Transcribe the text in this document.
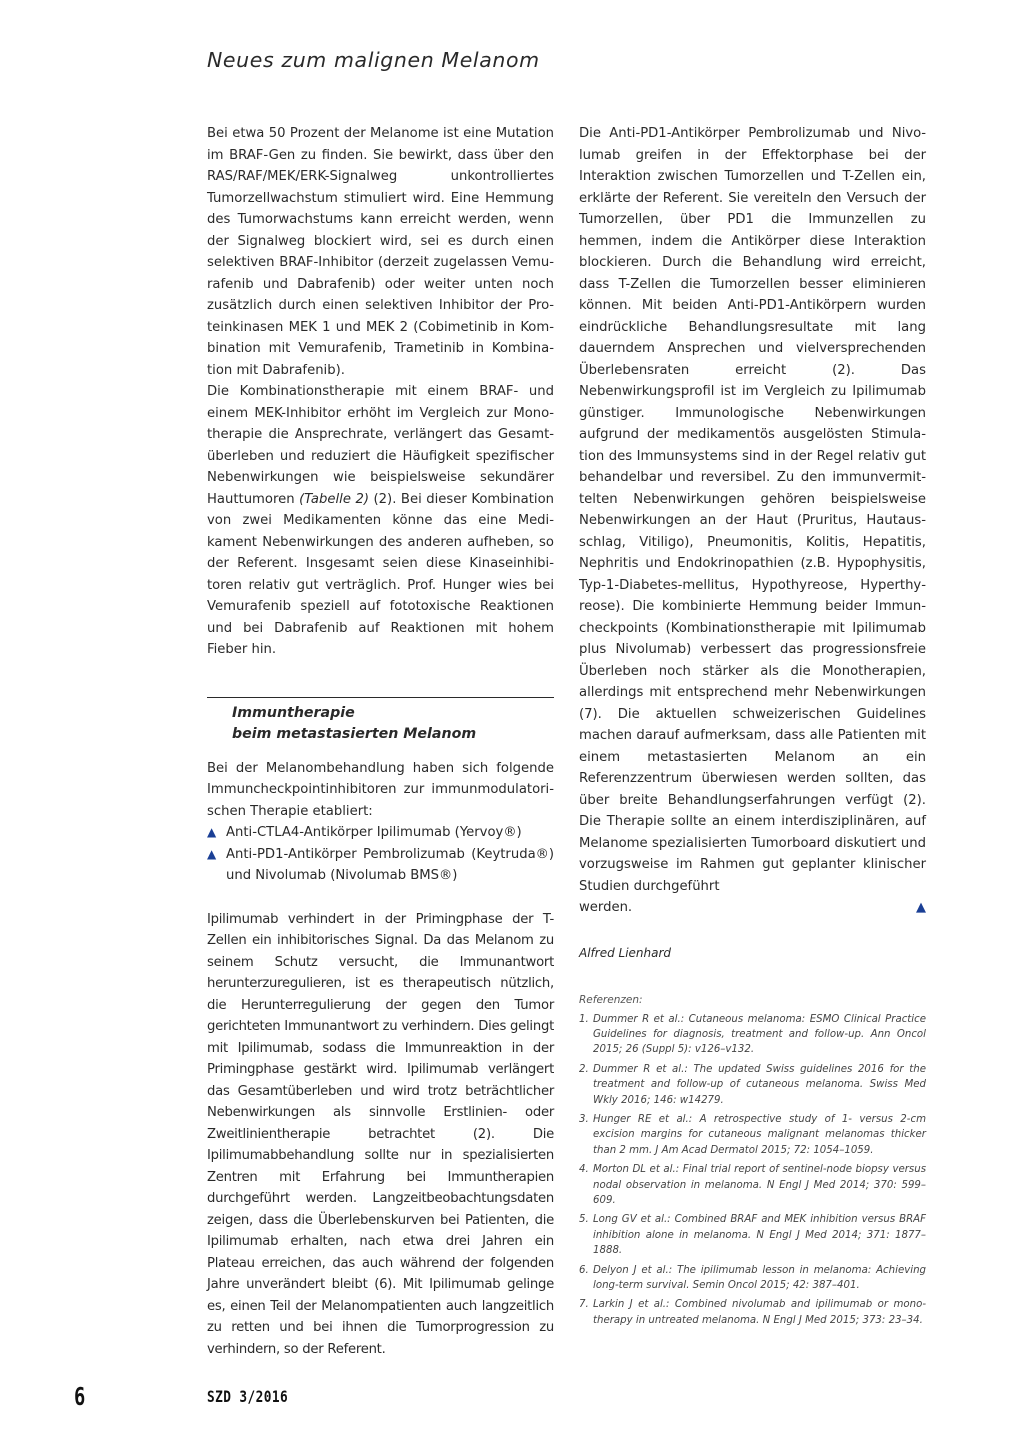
Neues zum malignen Melanom

Bei etwa 50 Prozent der Melanome ist eine Mutation im BRAF-Gen zu finden. Sie bewirkt, dass über den RAS/RAF/MEK/ERK-Signalweg unkontrolliertes Tumorzellwachstum stimuliert wird. Eine Hemmung des Tumorwachstums kann erreicht werden, wenn der Signalweg blockiert wird, sei es durch einen selektiven BRAF-Inhibitor (derzeit zugelassen Vemurafenib und Dabrafenib) oder weiter unten noch zusätzlich durch einen selektiven Inhibitor der Proteinkinasen MEK 1 und MEK 2 (Cobimetinib in Kombination mit Vemurafenib, Trametinib in Kombination mit Dabrafenib).

Die Kombinationstherapie mit einem BRAF- und einem MEK-Inhibitor erhöht im Vergleich zur Monotherapie die Ansprechrate, verlängert das Gesamtüberleben und reduziert die Häufigkeit spezifischer Nebenwirkungen wie beispielsweise sekundärer Hauttumoren (Tabelle 2) (2). Bei dieser Kombination von zwei Medikamenten könne das eine Medikament Nebenwirkungen des anderen aufheben, so der Referent. Insgesamt seien diese Kinaseinhibitoren relativ gut verträglich. Prof. Hunger wies bei Vemurafenib speziell auf fototoxische Reaktionen und bei Dabrafenib auf Reaktionen mit hohem Fieber hin.

Immuntherapie
beim metastasierten Melanom

Bei der Melanombehandlung haben sich folgende Immuncheckpointinhibitoren zur immunmodulatorischen Therapie etabliert:

▲ Anti-CTLA4-Antikörper Ipilimumab (Yervoy®)

▲ Anti-PD1-Antikörper Pembrolizumab (Keytruda®) und Nivolumab (Nivolumab BMS®)

Ipilimumab verhindert in der Primingphase der T-Zellen ein inhibitorisches Signal. Da das Melanom zu seinem Schutz versucht, die Immunantwort herunterzuregulieren, ist es therapeutisch nützlich, die Herunterregulierung der gegen den Tumor gerichteten Immunantwort zu verhindern. Dies gelingt mit Ipilimumab, sodass die Immunreaktion in der Primingphase gestärkt wird. Ipilimumab verlängert das Gesamtüberleben und wird trotz beträchtlicher Nebenwirkungen als sinnvolle Erstlinien- oder Zweitlinientherapie betrachtet (2). Die Ipilimumabbehandlung sollte nur in spezialisierten Zentren mit Erfahrung bei Immuntherapien durchgeführt werden. Langzeitbeobachtungsdaten zeigen, dass die Überlebenskurven bei Patienten, die Ipilimumab erhalten, nach etwa drei Jahren ein Plateau erreichen, das auch während der folgenden Jahre unverändert bleibt (6). Mit Ipilimumab gelinge es, einen Teil der Melanompatienten auch langzeitlich zu retten und bei ihnen die Tumorprogression zu verhindern, so der Referent.

Die Anti-PD1-Antikörper Pembrolizumab und Nivolumab greifen in der Effektorphase bei der Interaktion zwischen Tumorzellen und T-Zellen ein, erklärte der Referent. Sie vereiteln den Versuch der Tumorzellen, über PD1 die Immunzellen zu hemmen, indem die Antikörper diese Interaktion blockieren. Durch die Behandlung wird erreicht, dass T-Zellen die Tumorzellen besser eliminieren können. Mit beiden Anti-PD1-Antikörpern wurden eindrückliche Behandlungsresultate mit lang dauerndem Ansprechen und vielversprechenden Überlebensraten erreicht (2). Das Nebenwirkungsprofil ist im Vergleich zu Ipilimumab günstiger. Immunologische Nebenwirkungen aufgrund der medikamentös ausgelösten Stimulation des Immunsystems sind in der Regel relativ gut behandelbar und reversibel. Zu den immunvermittelten Nebenwirkungen gehören beispielsweise Nebenwirkungen an der Haut (Pruritus, Hautausschlag, Vitiligo), Pneumonitis, Kolitis, Hepatitis, Nephritis und Endokrinopathien (z.B. Hypophysitis, Typ-1-Diabetes-mellitus, Hypothyreose, Hyperthyreose). Die kombinierte Hemmung beider Immuncheckpoints (Kombinationstherapie mit Ipilimumab plus Nivolumab) verbessert das progressionsfreie Überleben noch stärker als die Monotherapien, allerdings mit entsprechend mehr Nebenwirkungen (7). Die aktuellen schweizerischen Guidelines machen darauf aufmerksam, dass alle Patienten mit einem metastasierten Melanom an ein Referenzzentrum überwiesen werden sollten, das über breite Behandlungserfahrungen verfügt (2). Die Therapie sollte an einem interdisziplinären, auf Melanome spezialisierten Tumorboard diskutiert und vorzugsweise im Rahmen gut geplanter klinischer Studien durchgeführt

werden.	▲
Alfred Lienhard
Referenzen:
1. Dummer R et al.: Cutaneous melanoma: ESMO Clinical Practice Guidelines for diagnosis, treatment and follow-up. Ann Oncol 2015; 26 (Suppl 5): v126–v132.
2. Dummer R et al.: The updated Swiss guidelines 2016 for the treatment and follow-up of cutaneous melanoma. Swiss Med Wkly 2016; 146: w14279.
3. Hunger RE et al.: A retrospective study of 1- versus 2-cm excision margins for cutaneous malignant melanomas thicker than 2 mm. J Am Acad Dermatol 2015; 72: 1054–1059.
4. Morton DL et al.: Final trial report of sentinel-node biopsy versus nodal observation in melanoma. N Engl J Med 2014; 370: 599–609.
5. Long GV et al.: Combined BRAF and MEK inhibition versus BRAF inhibition alone in melanoma. N Engl J Med 2014; 371: 1877–1888.
6. Delyon J et al.: The ipilimumab lesson in melanoma: Achieving long-term survival. Semin Oncol 2015; 42: 387–401.
7. Larkin J et al.: Combined nivolumab and ipilimumab or monotherapy in untreated melanoma. N Engl J Med 2015; 373: 23–34.
6	SZD 3/2016
